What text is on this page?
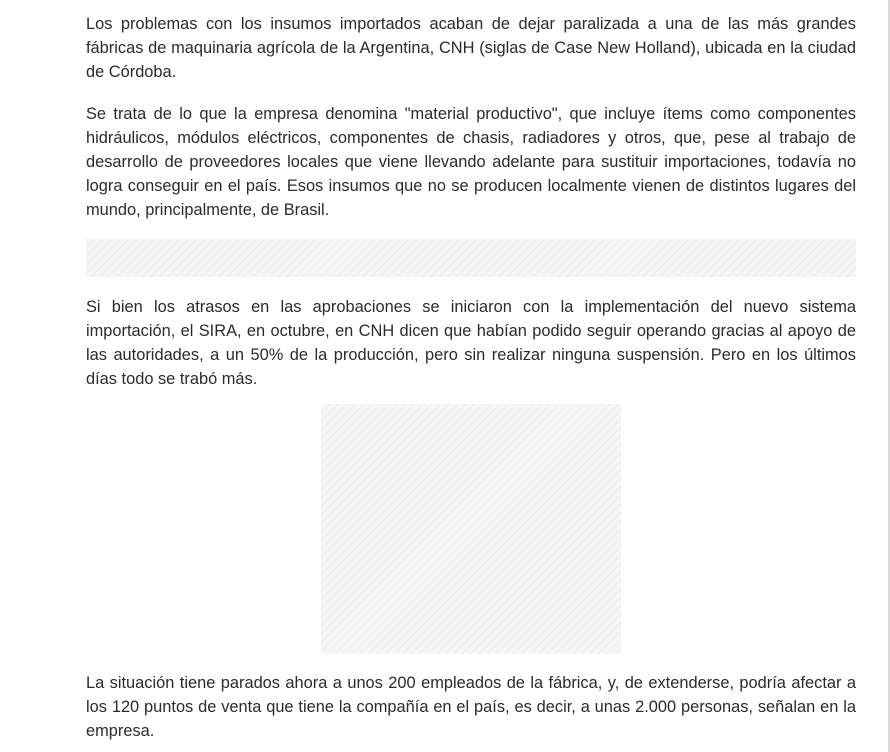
Los problemas con los insumos importados acaban de dejar paralizada a una de las más grandes fábricas de maquinaria agrícola de la Argentina, CNH (siglas de Case New Holland), ubicada en la ciudad de Córdoba.

Se trata de lo que la empresa denomina "material productivo", que incluye ítems como componentes hidráulicos, módulos eléctricos, componentes de chasis, radiadores y otros, que, pese al trabajo de desarrollo de proveedores locales que viene llevando adelante para sustituir importaciones, todavía no logra conseguir en el país. Esos insumos que no se producen localmente vienen de distintos lugares del mundo, principalmente, de Brasil.

Si bien los atrasos en las aprobaciones se iniciaron con la implementación del nuevo sistema importación, el SIRA, en octubre, en CNH dicen que habían podido seguir operando gracias al apoyo de las autoridades, a un 50% de la producción, pero sin realizar ninguna suspensión. Pero en los últimos días todo se trabó más.

La situación tiene parados ahora a unos 200 empleados de la fábrica, y, de extenderse, podría afectar a los 120 puntos de venta que tiene la compañía en el país, es decir, a unas 2.000 personas, señalan en la empresa.
